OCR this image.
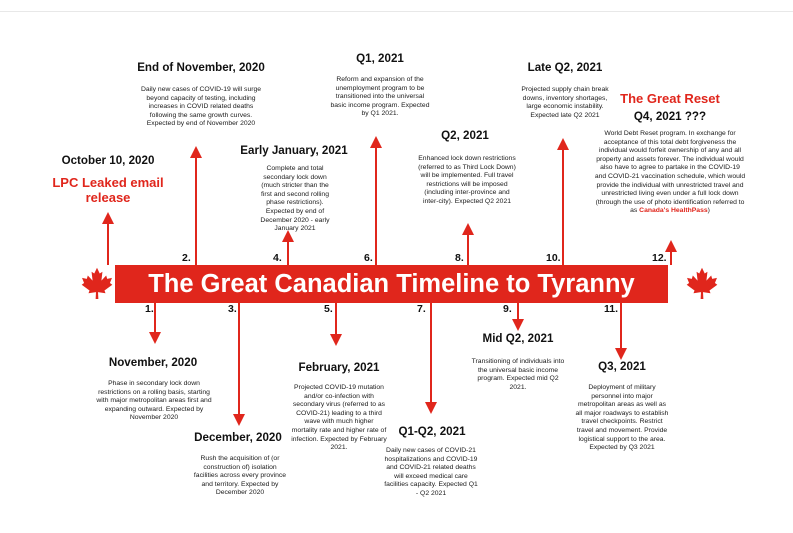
The Great Canadian Timeline to Tyranny
October 10, 2020
LPC Leaked email release
1.
November, 2020
Phase in secondary lock down restrictions on a rolling basis, starting with major metropolitan areas first and expanding outward. Expected by November 2020
2.
End of November, 2020
Daily new cases of COVID-19 will surge beyond capacity of testing, including increases in COVID related deaths following the same growth curves. Expected by end of November 2020
3.
December, 2020
Rush the acquisition of (or construction of) isolation facilities across every province and territory. Expected by December 2020
4.
Early January, 2021
Complete and total secondary lock down (much stricter than the first and second rolling phase restrictions). Expected by end of December 2020 - early January 2021
5.
February, 2021
Projected COVID-19 mutation and/or co-infection with secondary virus (referred to as COVID-21) leading to a third wave with much higher mortality rate and higher rate of infection. Expected by February 2021.
6.
Q1, 2021
Reform and expansion of the unemployment program to be transitioned into the universal basic income program. Expected by Q1 2021.
7.
Q1-Q2, 2021
Daily new cases of COVID-21 hospitalizations and COVID-19 and COVID-21 related deaths will exceed medical care facilities capacity. Expected Q1 - Q2 2021
8.
Q2, 2021
Enhanced lock down restrictions (referred to as Third Lock Down) will be implemented. Full travel restrictions will be imposed (including inter-province and inter-city). Expected Q2 2021
9.
Mid Q2, 2021
Transitioning of individuals into the universal basic income program. Expected mid Q2 2021.
10.
Late Q2, 2021
Projected supply chain break downs, inventory shortages, large economic instability. Expected late Q2 2021
11.
Q3, 2021
Deployment of military personnel into major metropolitan areas as well as all major roadways to establish travel checkpoints. Restrict travel and movement. Provide logistical support to the area. Expected by Q3 2021
12.
The Great Reset
Q4, 2021 ???
World Debt Reset program. In exchange for acceptance of this total debt forgiveness the individual would forfeit ownership of any and all property and assets forever. The individual would also have to agree to partake in the COVID-19 and COVID-21 vaccination schedule, which would provide the individual with unrestricted travel and unrestricted living even under a full lock down (through the use of photo identification referred to as Canada's HealthPass)
